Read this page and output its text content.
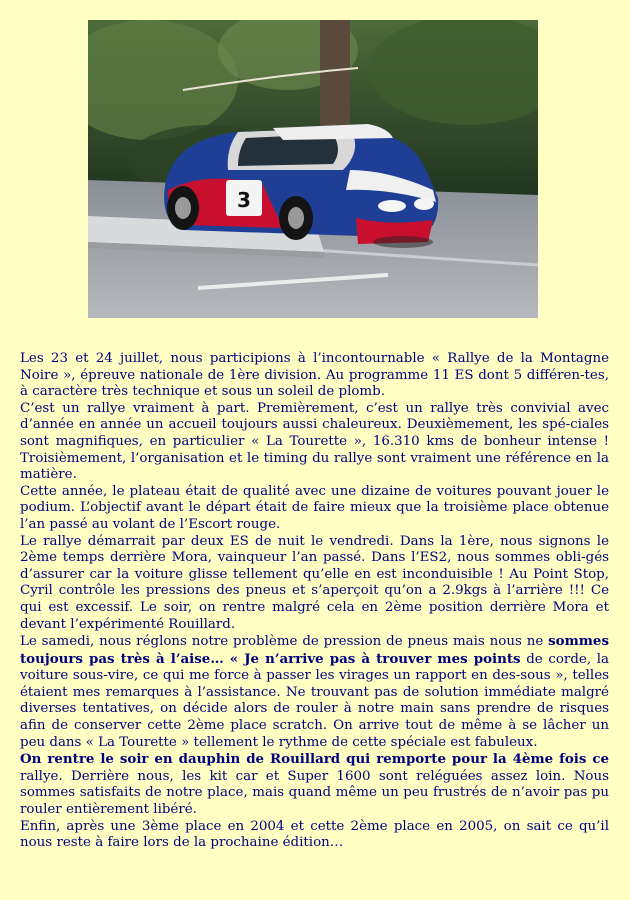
3

Les 23 et 24 juillet, nous participions à l’incontournable « Rallye de la Montagne Noire », épreuve nationale de 1ère division. Au programme 11 ES dont 5 différen-tes, à caractère très technique et sous un soleil de plomb.

C’est un rallye vraiment à part. Premièrement, c’est un rallye très convivial avec d’année en année un accueil toujours aussi chaleureux. Deuxièmement, les spé-ciales sont magnifiques, en particulier « La Tourette », 16.310 kms de bonheur intense ! Troisièmement, l’organisation et le timing du rallye sont vraiment une référence en la matière.

Cette année, le plateau était de qualité avec une dizaine de voitures pouvant jouer le podium. L’objectif avant le départ était de faire mieux que la troisième place obtenue l’an passé au volant de l’Escort rouge.

Le rallye démarrait par deux ES de nuit le vendredi. Dans la 1ère, nous signons le 2ème temps derrière Mora, vainqueur l’an passé. Dans l’ES2, nous sommes obli-gés d’assurer car la voiture glisse tellement qu’elle en est inconduisible ! Au Point Stop, Cyril contrôle les pressions des pneus et s’aperçoit qu’on a 2.9kgs à l’arrière !!! Ce qui est excessif. Le soir, on rentre malgré cela en 2ème position derrière Mora et devant l’expérimenté Rouillard.

Le samedi, nous réglons notre problème de pression de pneus mais nous ne sommes toujours pas très à l’aise… « Je n’arrive pas à trouver mes points de corde, la voiture sous-vire, ce qui me force à passer les virages un rapport en des-sous », telles étaient mes remarques à l’assistance. Ne trouvant pas de solution immédiate malgré diverses tentatives, on décide alors de rouler à notre main sans prendre de risques afin de conserver cette 2ème place scratch. On arrive tout de même à se lâcher un peu dans « La Tourette » tellement le rythme de cette spéciale est fabuleux.

On rentre le soir en dauphin de Rouillard qui remporte pour la 4ème fois ce rallye. Derrière nous, les kit car et Super 1600 sont reléguées assez loin. Nous sommes satisfaits de notre place, mais quand même un peu frustrés de n’avoir pas pu rouler entièrement libéré.

Enfin, après une 3ème place en 2004 et cette 2ème place en 2005, on sait ce qu’il nous reste à faire lors de la prochaine édition…
